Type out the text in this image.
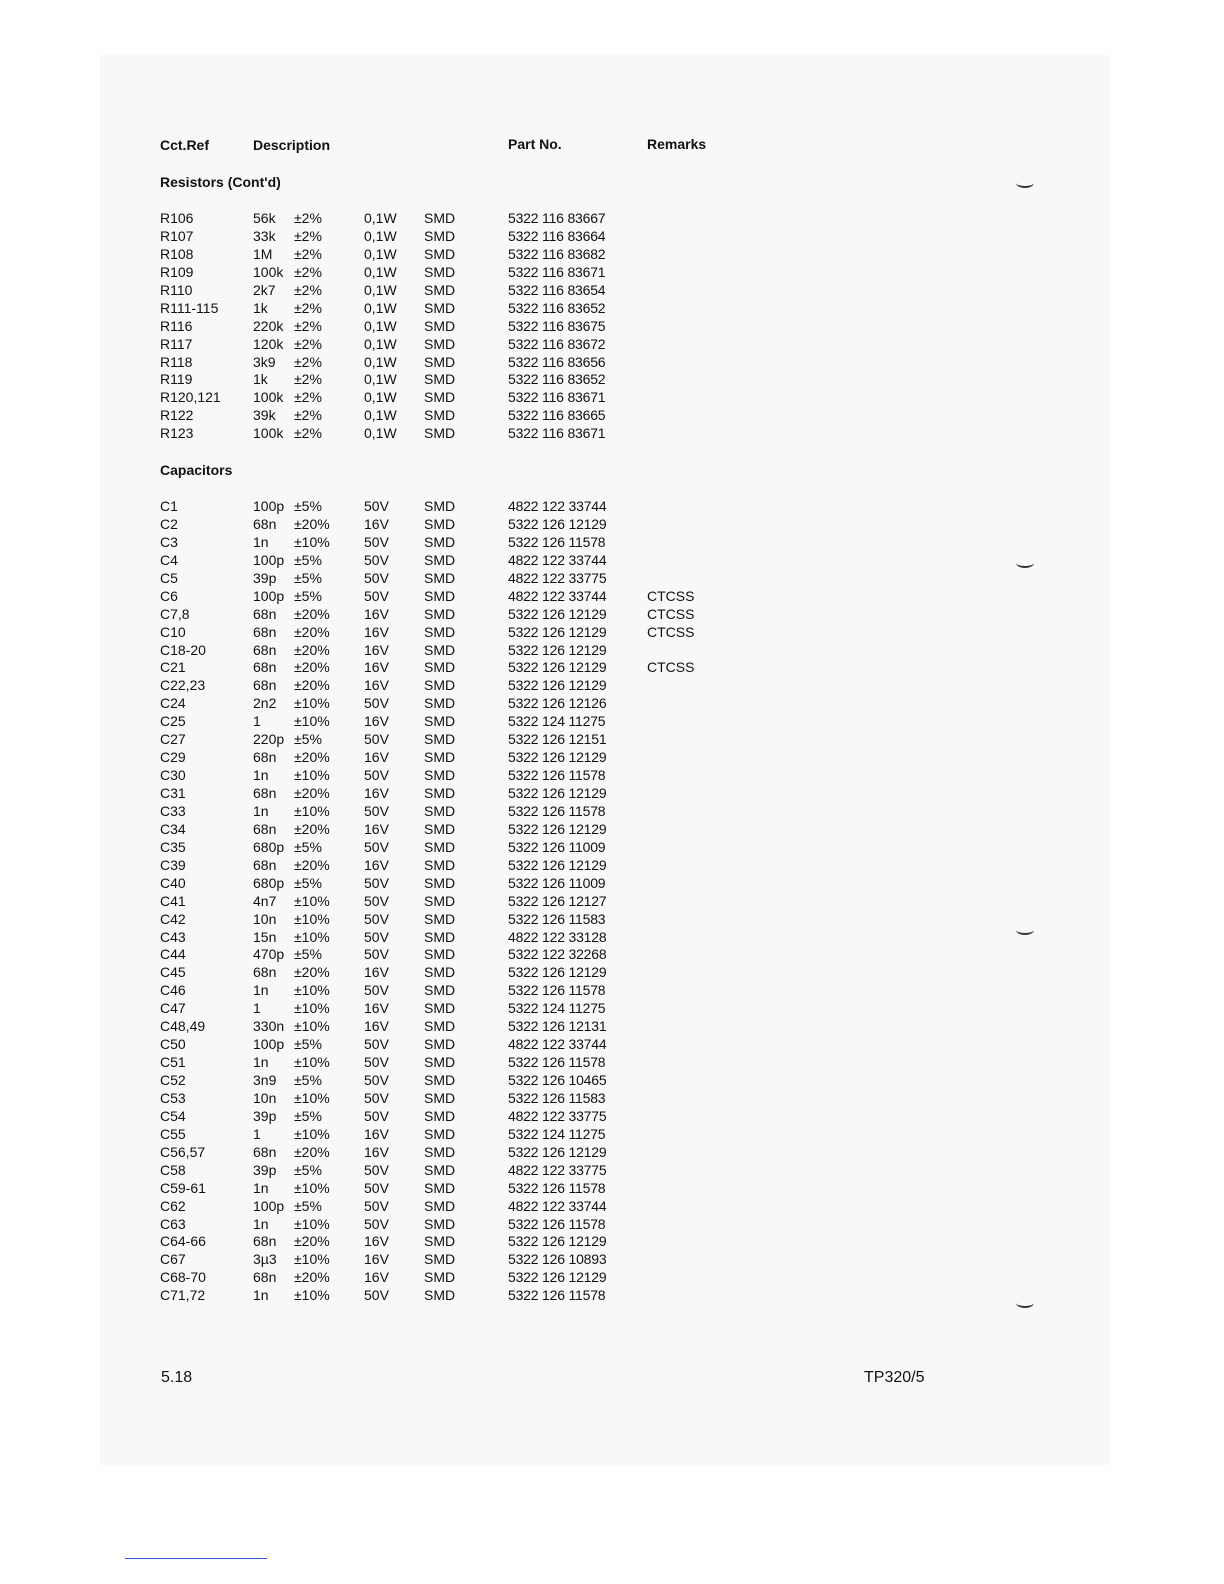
Cct.Ref	Description	Part No.	Remarks
Resistors (Cont'd)
R106	56k ±2%	0,1W SMD	5322 116 83667
R107	33k ±2%	0,1W SMD	5322 116 83664
R108	1M ±2%	0,1W SMD	5322 116 83682
R109	100k ±2%	0,1W SMD	5322 116 83671
R110	2k7 ±2%	0,1W SMD	5322 116 83654
R111-115 1k ±2%	0,1W SMD	5322 116 83652
R116	220k ±2%	0,1W SMD	5322 116 83675
R117	120k ±2%	0,1W SMD	5322 116 83672
R118	3k9 ±2%	0,1W SMD	5322 116 83656
R119	1k ±2%	0,1W SMD	5322 116 83652
R120,121 100k ±2%	0,1W SMD	5322 116 83671
R122	39k ±2%	0,1W SMD	5322 116 83665
R123	100k ±2%	0,1W SMD	5322 116 83671
Capacitors
C1	100p ±5%	50V	SMD	4822 122 33744
C2	68n ±20% 16V	SMD	5322 126 12129
C3	1n ±10% 50V	SMD	5322 126 11578
C4	100p ±5%	50V	SMD	4822 122 33744
C5	39p ±5%	50V	SMD	4822 122 33775
C6	100p ±5%	50V	SMD	4822 122 33744	CTCSS
C7,8	68n ±20% 16V	SMD	5322 126 12129	CTCSS
C10	68n ±20% 16V	SMD	5322 126 12129	CTCSS
C18-20	68n ±20% 16V	SMD	5322 126 12129
C21	68n ±20% 16V	SMD	5322 126 12129	CTCSS
C22,23	68n ±20% 16V	SMD	5322 126 12129
C24	2n2 ±10% 50V	SMD	5322 126 12126
C25	1 ±10% 16V	SMD	5322 124 11275
C27	220p ±5%	50V	SMD	5322 126 12151
C29	68n ±20% 16V	SMD	5322 126 12129
C30	1n ±10% 50V	SMD	5322 126 11578
C31	68n ±20% 16V	SMD	5322 126 12129
C33	1n ±10% 50V	SMD	5322 126 11578
C34	68n ±20% 16V	SMD	5322 126 12129
C35	680p ±5%	50V	SMD	5322 126 11009
C39	68n ±20% 16V	SMD	5322 126 12129
C40	680p ±5%	50V	SMD	5322 126 11009
C41	4n7 ±10% 50V	SMD	5322 126 12127
C42	10n ±10% 50V	SMD	5322 126 11583
C43	15n ±10% 50V	SMD	4822 122 33128
C44	470p ±5%	50V	SMD	5322 122 32268
C45	68n ±20% 16V	SMD	5322 126 12129
C46	1n ±10% 50V	SMD	5322 126 11578
C47	1 ±10% 16V	SMD	5322 124 11275
C48,49	330n ±10% 16V	SMD	5322 126 12131
C50	100p ±5%	50V	SMD	4822 122 33744
C51	1n ±10% 50V	SMD	5322 126 11578
C52	3n9 ±5%	50V	SMD	5322 126 10465
C53	10n ±10% 50V	SMD	5322 126 11583
C54	39p ±5%	50V	SMD	4822 122 33775
C55	1 ±10% 16V	SMD	5322 124 11275
C56,57	68n ±20% 16V	SMD	5322 126 12129
C58	39p ±5%	50V	SMD	4822 122 33775
C59-61	1n ±10% 50V	SMD	5322 126 11578
C62	100p ±5%	50V	SMD	4822 122 33744
C63	1n ±10% 50V	SMD	5322 126 11578
C64-66	68n ±20% 16V	SMD	5322 126 12129
C67	3µ3 ±10% 16V	SMD	5322 126 10893
C68-70	68n ±20% 16V	SMD	5322 126 12129
C71,72	1n ±10% 50V	SMD	5322 126 11578
5.18	TP320/5
